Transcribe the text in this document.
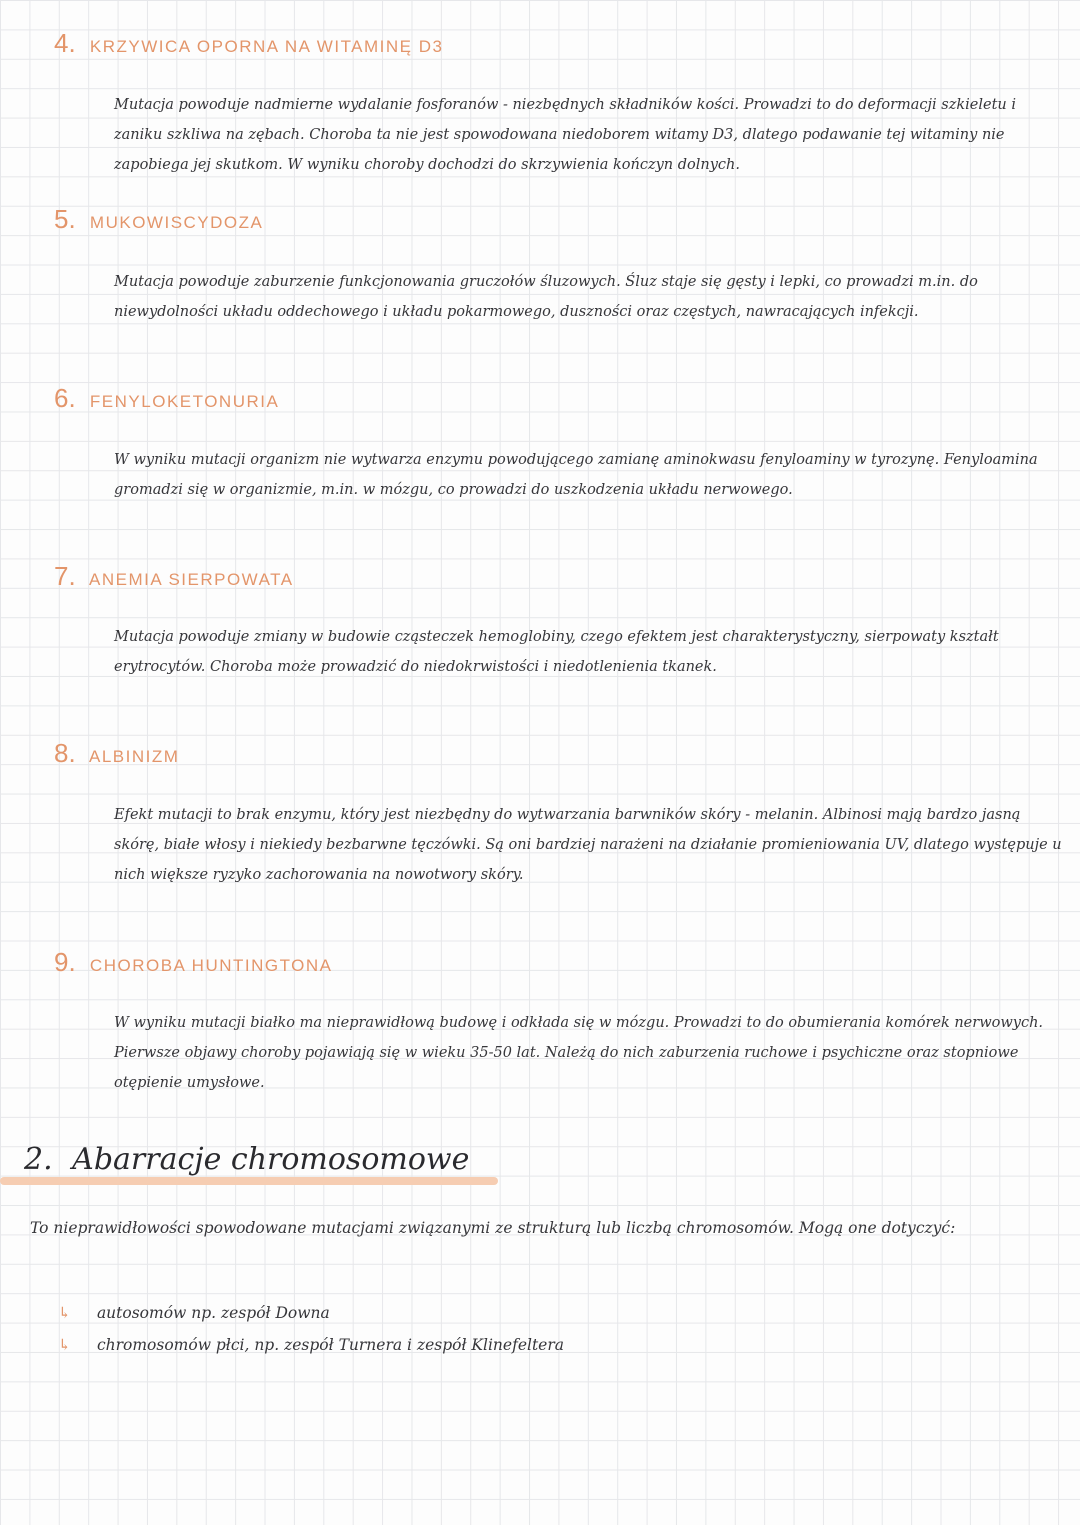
4. KRZYWICA OPORNA NA WITAMINĘ D3
Mutacja powoduje nadmierne wydalanie fosforanów - niezbędnych składników kości. Prowadzi to do deformacji szkieletu i zaniku szkliwa na zębach. Choroba ta nie jest spowodowana niedoborem witamy D3, dlatego podawanie tej witaminy nie zapobiega jej skutkom. W wyniku choroby dochodzi do skrzywienia kończyn dolnych.
5. MUKOWISCYDOZA
Mutacja powoduje zaburzenie funkcjonowania gruczołów śluzowych. Śluz staje się gęsty i lepki, co prowadzi m.in. do niewydolności układu oddechowego i układu pokarmowego, duszności oraz częstych, nawracających infekcji.
6. FENYLOKETONURIA
W wyniku mutacji organizm nie wytwarza enzymu powodującego zamianę aminokwasu fenyloaminy w tyrozynę. Fenyloamina gromadzi się w organizmie, m.in. w mózgu, co prowadzi do uszkodzenia układu nerwowego.
7. ANEMIA SIERPOWATA
Mutacja powoduje zmiany w budowie cząsteczek hemoglobiny, czego efektem jest charakterystyczny, sierpowaty kształt erytrocytów. Choroba może prowadzić do niedokrwistości i niedotlenienia tkanek.
8. ALBINIZM
Efekt mutacji to brak enzymu, który jest niezbędny do wytwarzania barwników skóry - melanin. Albinosi mają bardzo jasną skórę, białe włosy i niekiedy bezbarwne tęczówki. Są oni bardziej narażeni na działanie promieniowania UV, dlatego występuje u nich większe ryzyko zachorowania na nowotwory skóry.
9. CHOROBA HUNTINGTONA
W wyniku mutacji białko ma nieprawidłową budowę i odkłada się w mózgu. Prowadzi to do obumierania komórek nerwowych. Pierwsze objawy choroby pojawiają się w wieku 35-50 lat. Należą do nich zaburzenia ruchowe i psychiczne oraz stopniowe otępienie umysłowe.
2. Abarracje chromosomowe
To nieprawidłowości spowodowane mutacjami związanymi ze strukturą lub liczbą chromosomów. Mogą one dotyczyć:
↳ autosomów np. zespół Downa
↳ chromosomów płci, np. zespół Turnera i zespół Klinefeltera
